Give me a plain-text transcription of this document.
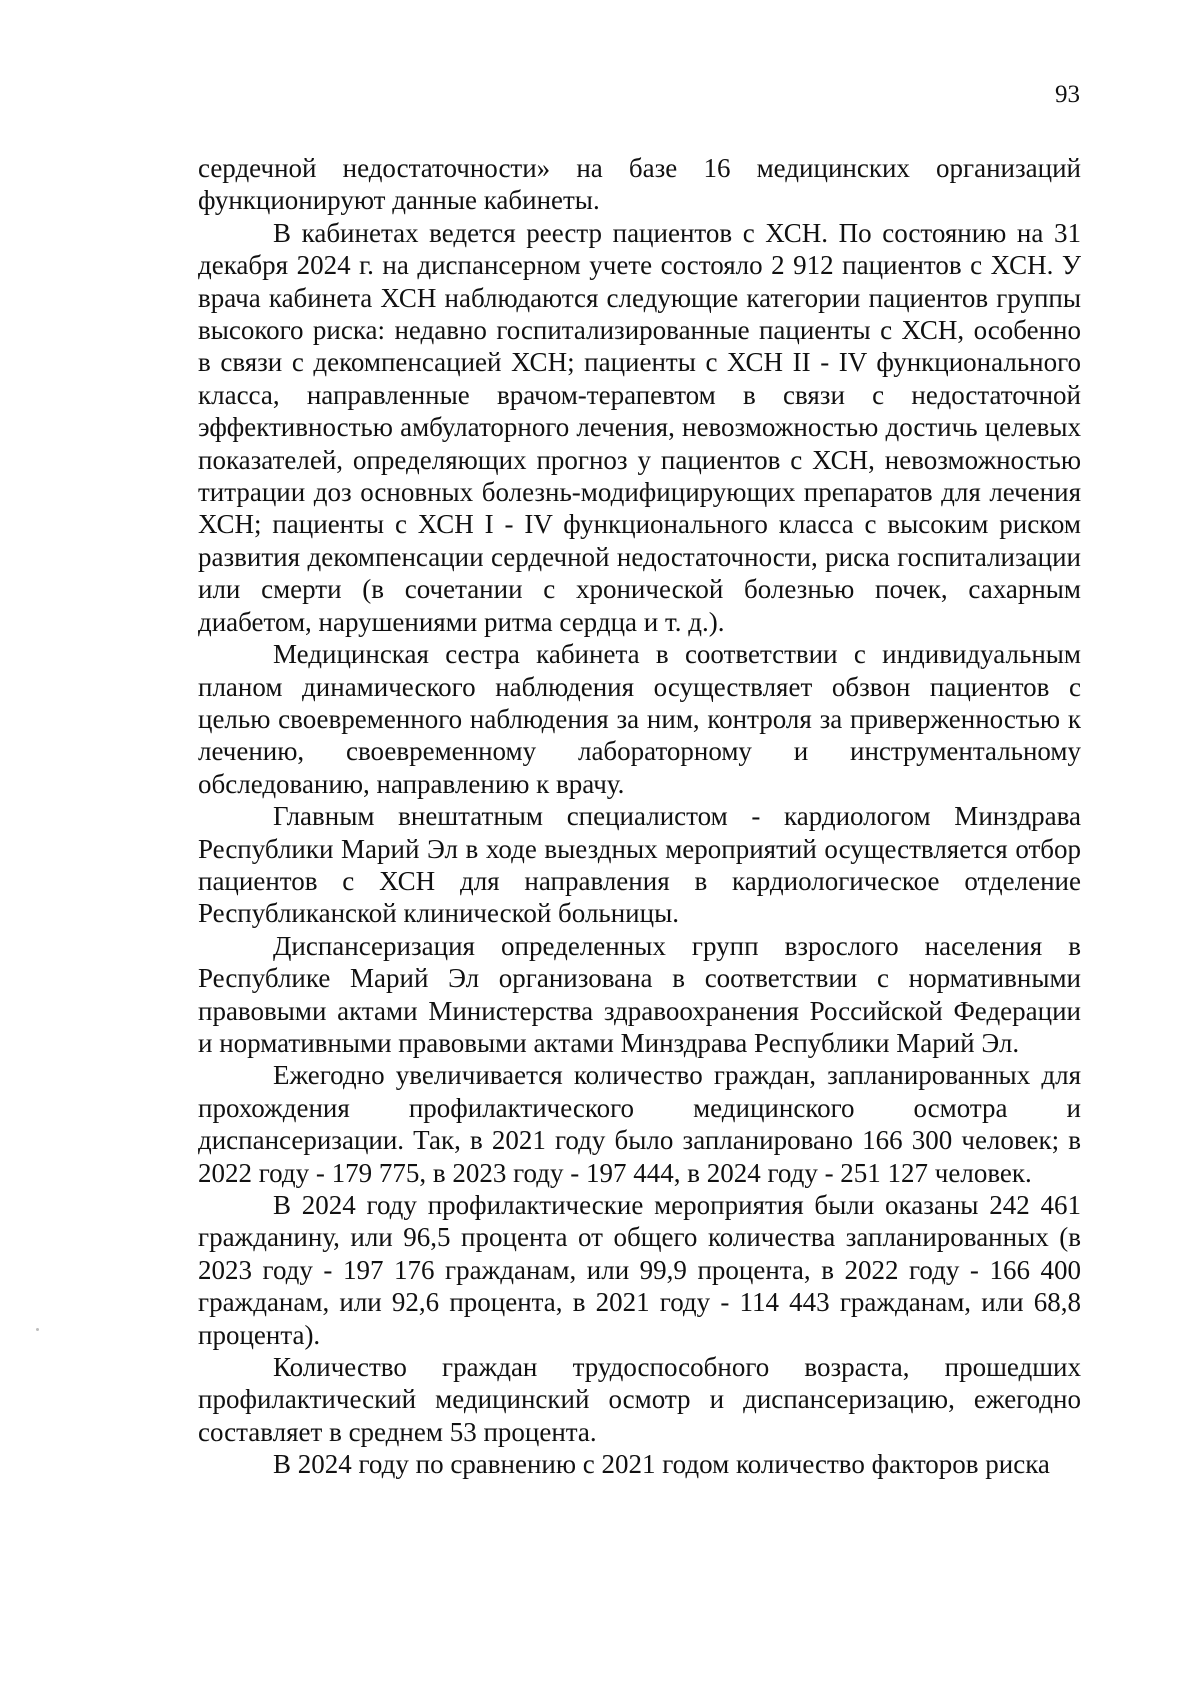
93

сердечной недостаточности» на базе 16 медицинских организаций функционируют данные кабинеты.

В кабинетах ведется реестр пациентов с ХСН. По состоянию на 31 декабря 2024 г. на диспансерном учете состояло 2 912 пациентов с ХСН. У врача кабинета ХСН наблюдаются следующие категории пациентов группы высокого риска: недавно госпитализированные пациенты с ХСН, особенно в связи с декомпенсацией ХСН; пациенты с ХСН II - IV функционального класса, направленные врачом-терапевтом в связи с недостаточной эффективностью амбулаторного лечения, невозможностью достичь целевых показателей, определяющих прогноз у пациентов с ХСН, невозможностью титрации доз основных болезнь-модифицирующих препаратов для лечения ХСН; пациенты с ХСН I - IV функционального класса с высоким риском развития декомпенсации сердечной недостаточности, риска госпитализации или смерти (в сочетании с хронической болезнью почек, сахарным диабетом, нарушениями ритма сердца и т. д.).

Медицинская сестра кабинета в соответствии с индивидуальным планом динамического наблюдения осуществляет обзвон пациентов с целью своевременного наблюдения за ним, контроля за приверженностью к лечению, своевременному лабораторному и инструментальному обследованию, направлению к врачу.

Главным внештатным специалистом - кардиологом Минздрава Республики Марий Эл в ходе выездных мероприятий осуществляется отбор пациентов с ХСН для направления в кардиологическое отделение Республиканской клинической больницы.

Диспансеризация определенных групп взрослого населения в Республике Марий Эл организована в соответствии с нормативными правовыми актами Министерства здравоохранения Российской Федерации и нормативными правовыми актами Минздрава Республики Марий Эл.

Ежегодно увеличивается количество граждан, запланированных для прохождения профилактического медицинского осмотра и диспансеризации. Так, в 2021 году было запланировано 166 300 человек; в 2022 году - 179 775, в 2023 году - 197 444, в 2024 году - 251 127 человек.

В 2024 году профилактические мероприятия были оказаны 242 461 гражданину, или 96,5 процента от общего количества запланированных (в 2023 году - 197 176 гражданам, или 99,9 процента, в 2022 году - 166 400 гражданам, или 92,6 процента, в 2021 году - 114 443 гражданам, или 68,8 процента).

Количество граждан трудоспособного возраста, прошедших профилактический медицинский осмотр и диспансеризацию, ежегодно составляет в среднем 53 процента.

В 2024 году по сравнению с 2021 годом количество факторов риска
